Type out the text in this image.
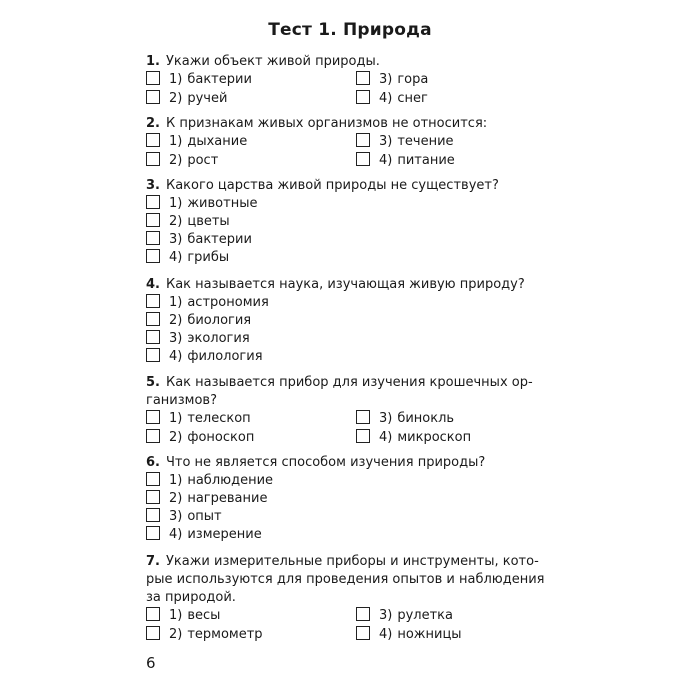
Тест 1. Природа
1. Укажи объект живой природы.
1) бактерии
2) ручей
3) гора
4) снег
2. К признакам живых организмов не относится:
1) дыхание
2) рост
3) течение
4) питание
3. Какого царства живой природы не существует?
1) животные
2) цветы
3) бактерии
4) грибы
4. Как называется наука, изучающая живую природу?
1) астрономия
2) биология
3) экология
4) филология
5. Как называется прибор для изучения крошечных ор-
ганизмов?
1) телескоп
2) фоноскоп
3) бинокль
4) микроскоп
6. Что не является способом изучения природы?
1) наблюдение
2) нагревание
3) опыт
4) измерение
7. Укажи измерительные приборы и инструменты, кото-
рые используются для проведения опытов и наблюдения
за природой.
1) весы
2) термометр
3) рулетка
4) ножницы
6
